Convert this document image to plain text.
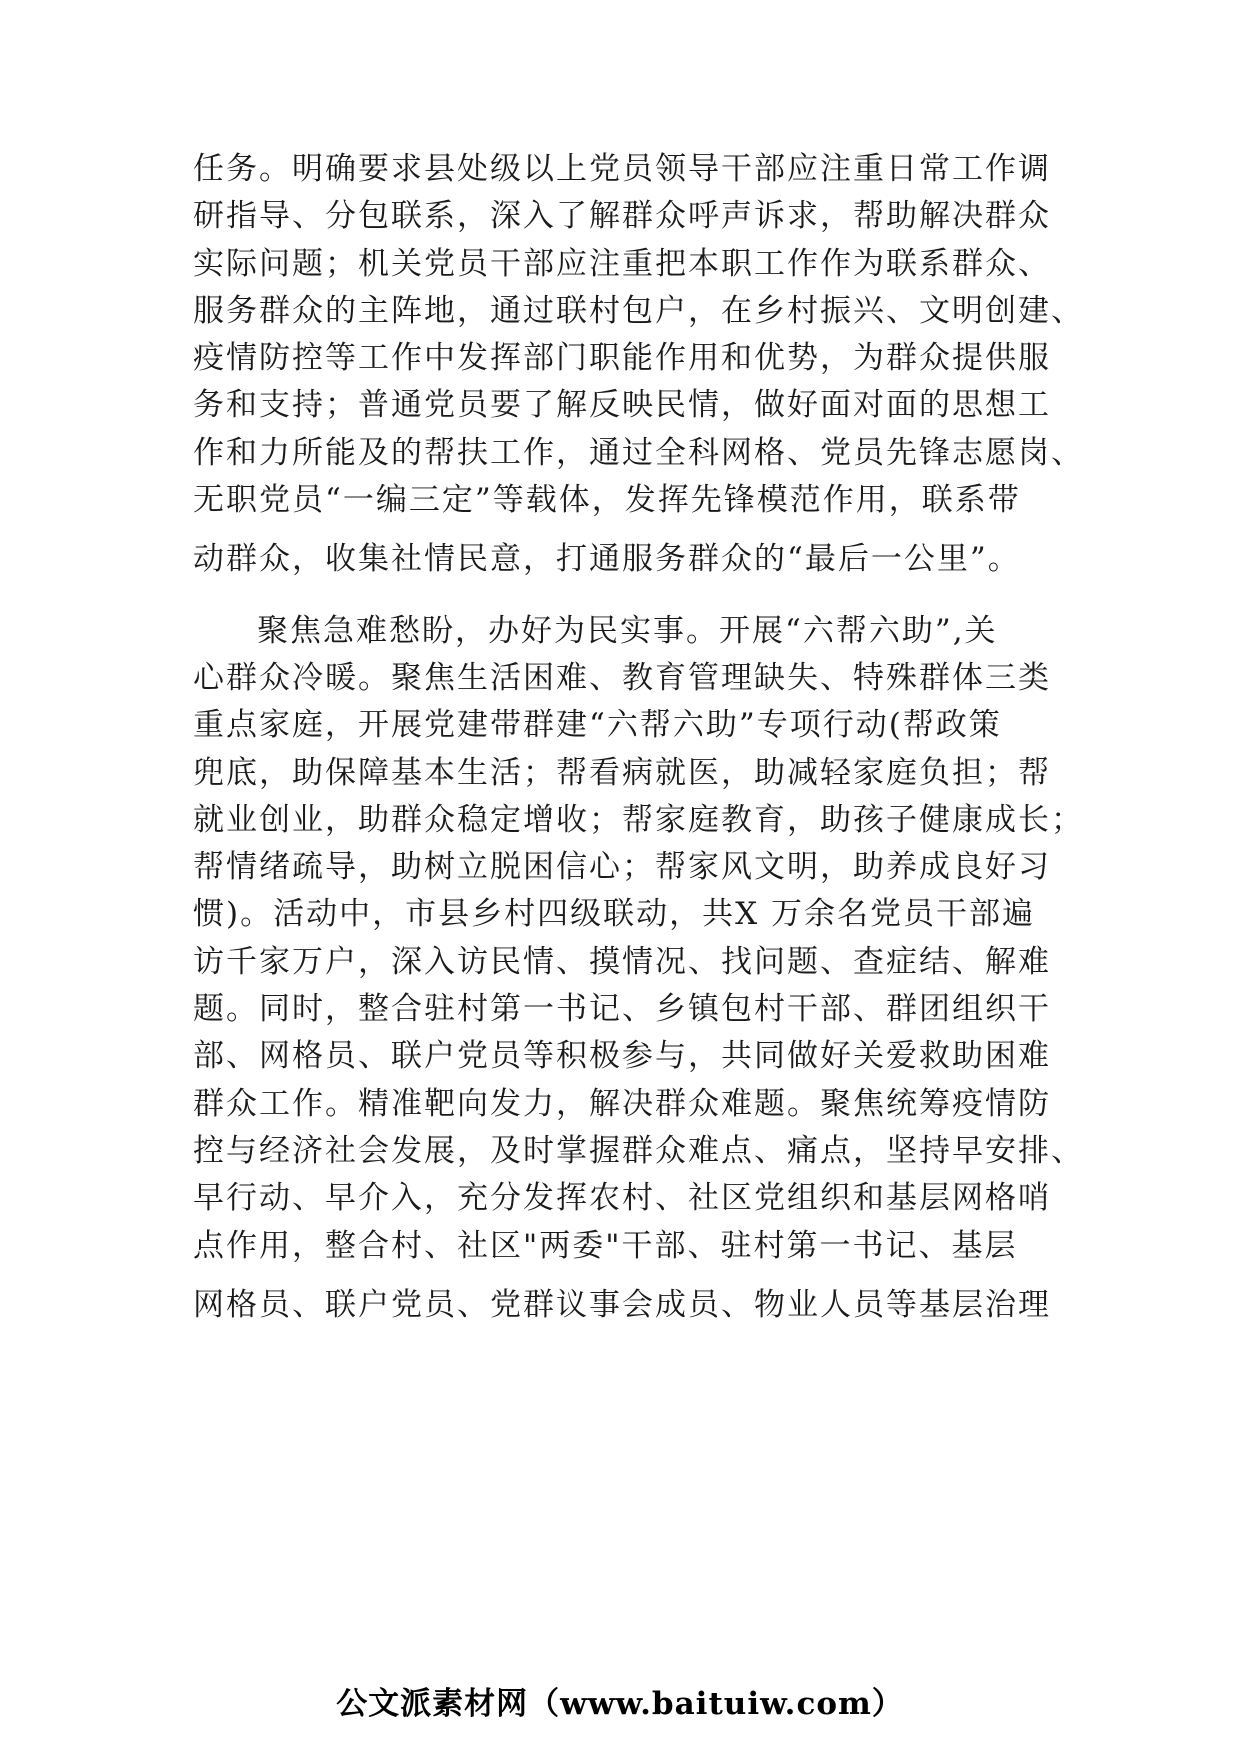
任务。明确要求县处级以上党员领导干部应注重日常工作调
研指导、分包联系，深入了解群众呼声诉求，帮助解决群众
实际问题；机关党员干部应注重把本职工作作为联系群众、
服务群众的主阵地，通过联村包户，在乡村振兴、文明创建、
疫情防控等工作中发挥部门职能作用和优势，为群众提供服
务和支持；普通党员要了解反映民情，做好面对面的思想工
作和力所能及的帮扶工作，通过全科网格、党员先锋志愿岗、
无职党员“一编三定”等载体，发挥先锋模范作用，联系带
动群众，收集社情民意，打通服务群众的“最后一公里”。
聚焦急难愁盼，办好为民实事。开展“六帮六助”,关
心群众冷暖。聚焦生活困难、教育管理缺失、特殊群体三类
重点家庭，开展党建带群建“六帮六助”专项行动(帮政策
兜底，助保障基本生活；帮看病就医，助减轻家庭负担；帮
就业创业，助群众稳定增收；帮家庭教育，助孩子健康成长；
帮情绪疏导，助树立脱困信心；帮家风文明，助养成良好习
惯)。活动中，市县乡村四级联动，共X 万余名党员干部遍
访千家万户，深入访民情、摸情况、找问题、查症结、解难
题。同时，整合驻村第一书记、乡镇包村干部、群团组织干
部、网格员、联户党员等积极参与，共同做好关爱救助困难
群众工作。精准靶向发力，解决群众难题。聚焦统筹疫情防
控与经济社会发展，及时掌握群众难点、痛点，坚持早安排、
早行动、早介入，充分发挥农村、社区党组织和基层网格哨
点作用，整合村、社区"两委"干部、驻村第一书记、基层
网格员、联户党员、党群议事会成员、物业人员等基层治理
公文派素材网（www.baituiw.com）
